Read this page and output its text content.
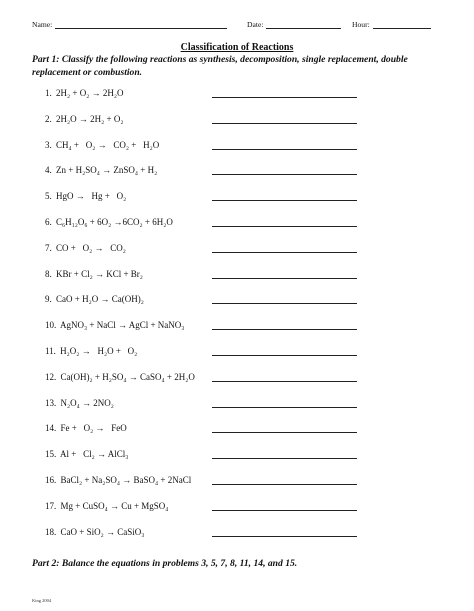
Name:	Date:	Hour:
Classification of Reactions
Part 1: Classify the following reactions as synthesis, decomposition, single replacement, double replacement or combustion.
1. 2H₂ + O₂ → 2H₂O
2. 2H₂O → 2H₂ + O₂
3. CH₄ +   O₂ →   CO₂ +   H₂O
4. Zn + H₂SO₄ → ZnSO₄ + H₂
5. HgO →   Hg +   O₂
6. C₆H₁₂O₆ + 6O₂ →6CO₂ + 6H₂O
7. CO +   O₂ →   CO₂
8. KBr + Cl₂ → KCl + Br₂
9. CaO + H₂O → Ca(OH)₂
10. AgNO₃ + NaCl → AgCl + NaNO₃
11. H₂O₂ →   H₂O +   O₂
12. Ca(OH)₂ + H₂SO₄ → CaSO₄ + 2H₂O
13. N₂O₄ → 2NO₂
14. Fe +   O₂ →   FeO
15. Al +   Cl₂ → AlCl₃
16. BaCl₂ + Na₂SO₄ → BaSO₄ + 2NaCl
17. Mg + CuSO₄ → Cu + MgSO₄
18. CaO + SiO₂ → CaSiO₃
Part 2: Balance the equations in problems 3, 5, 7, 8, 11, 14, and 15.
King 2004
